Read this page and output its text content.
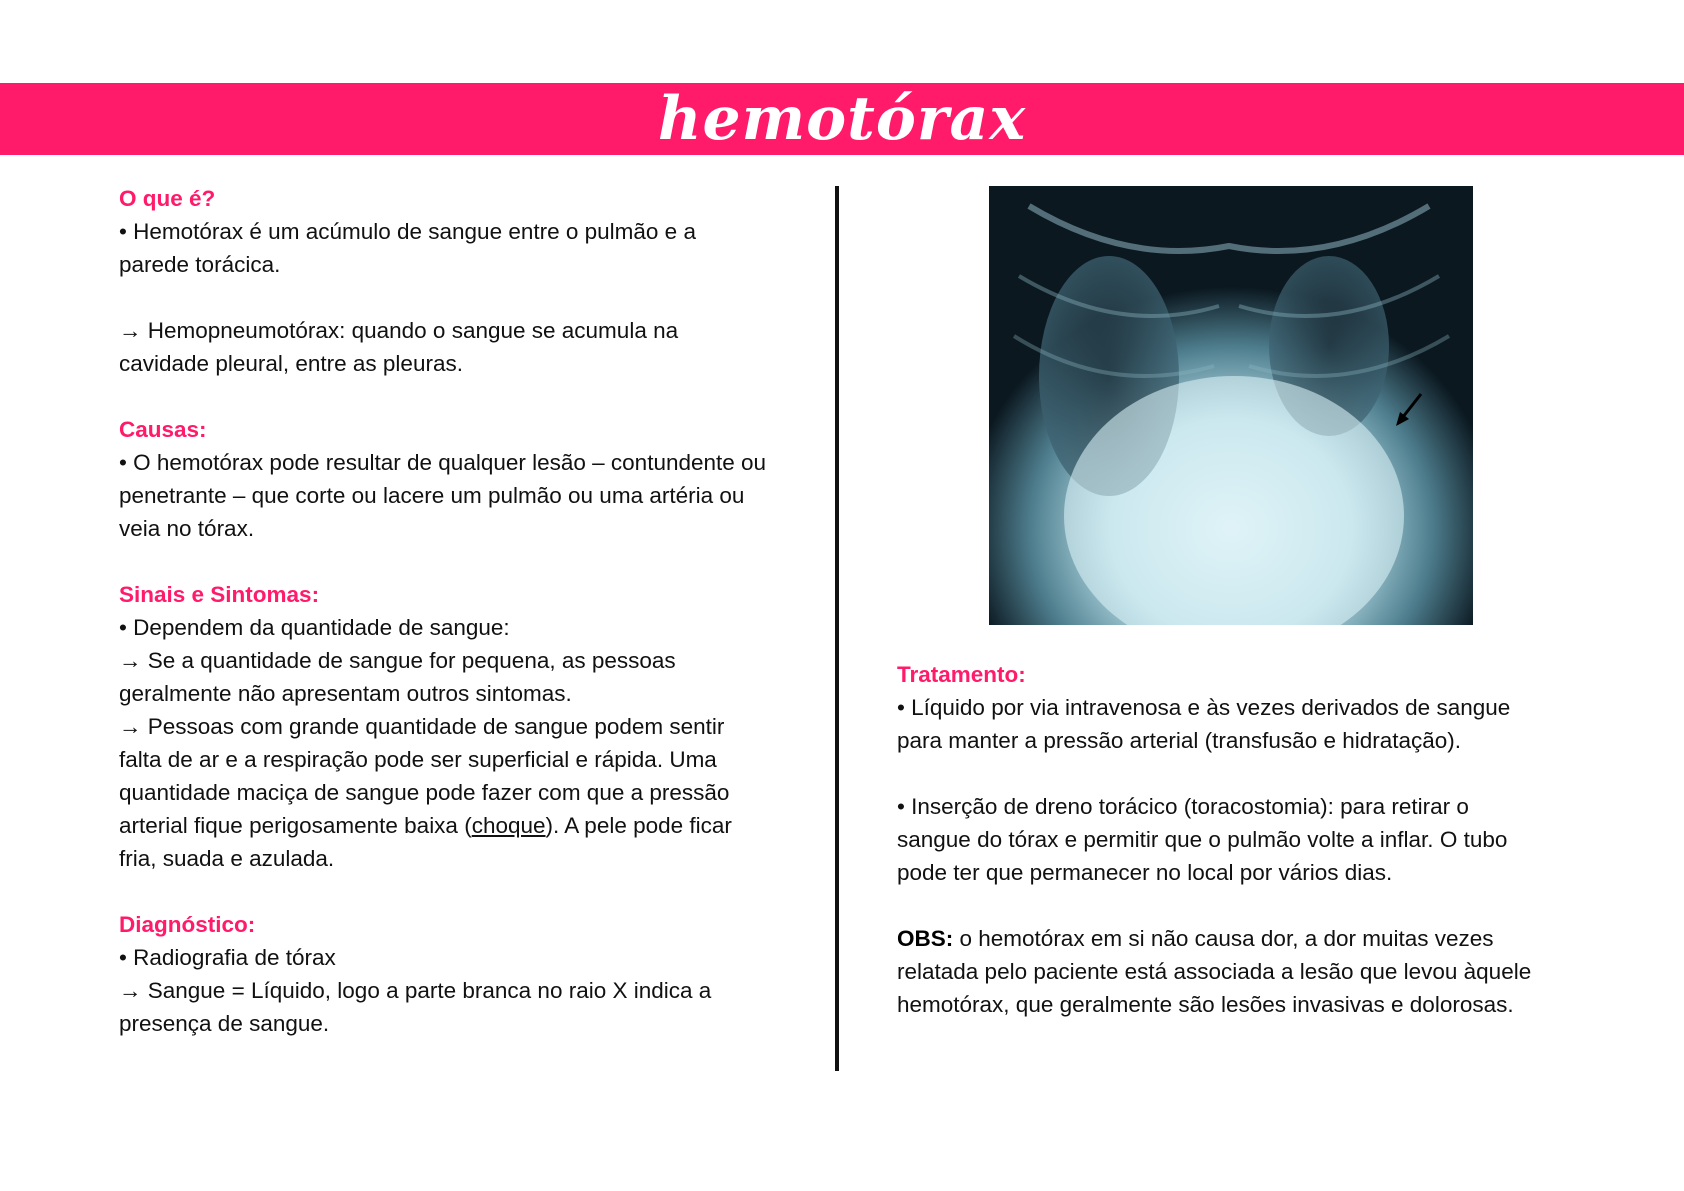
hemotórax
O que é?
• Hemotórax é um acúmulo de sangue entre o pulmão e a
parede torácica.
→ Hemopneumotórax: quando o sangue se acumula na
cavidade pleural, entre as pleuras.
Causas:
• O hemotórax pode resultar de qualquer lesão – contundente ou
penetrante – que corte ou lacere um pulmão ou uma artéria ou
veia no tórax.
Sinais e Sintomas:
• Dependem da quantidade de sangue:
→ Se a quantidade de sangue for pequena, as pessoas
geralmente não apresentam outros sintomas.
→ Pessoas com grande quantidade de sangue podem sentir
falta de ar e a respiração pode ser superficial e rápida. Uma
quantidade maciça de sangue pode fazer com que a pressão
arterial fique perigosamente baixa (choque). A pele pode ficar
fria, suada e azulada.
Diagnóstico:
• Radiografia de tórax
→ Sangue = Líquido, logo a parte branca no raio X indica a
presença de sangue.
Tratamento:
• Líquido por via intravenosa e às vezes derivados de sangue
para manter a pressão arterial (transfusão e hidratação).
• Inserção de dreno torácico (toracostomia): para retirar o
sangue do tórax e permitir que o pulmão volte a inflar. O tubo
pode ter que permanecer no local por vários dias.
OBS: o hemotórax em si não causa dor, a dor muitas vezes
relatada pelo paciente está associada a lesão que levou àquele
hemotórax, que geralmente são lesões invasivas e dolorosas.
